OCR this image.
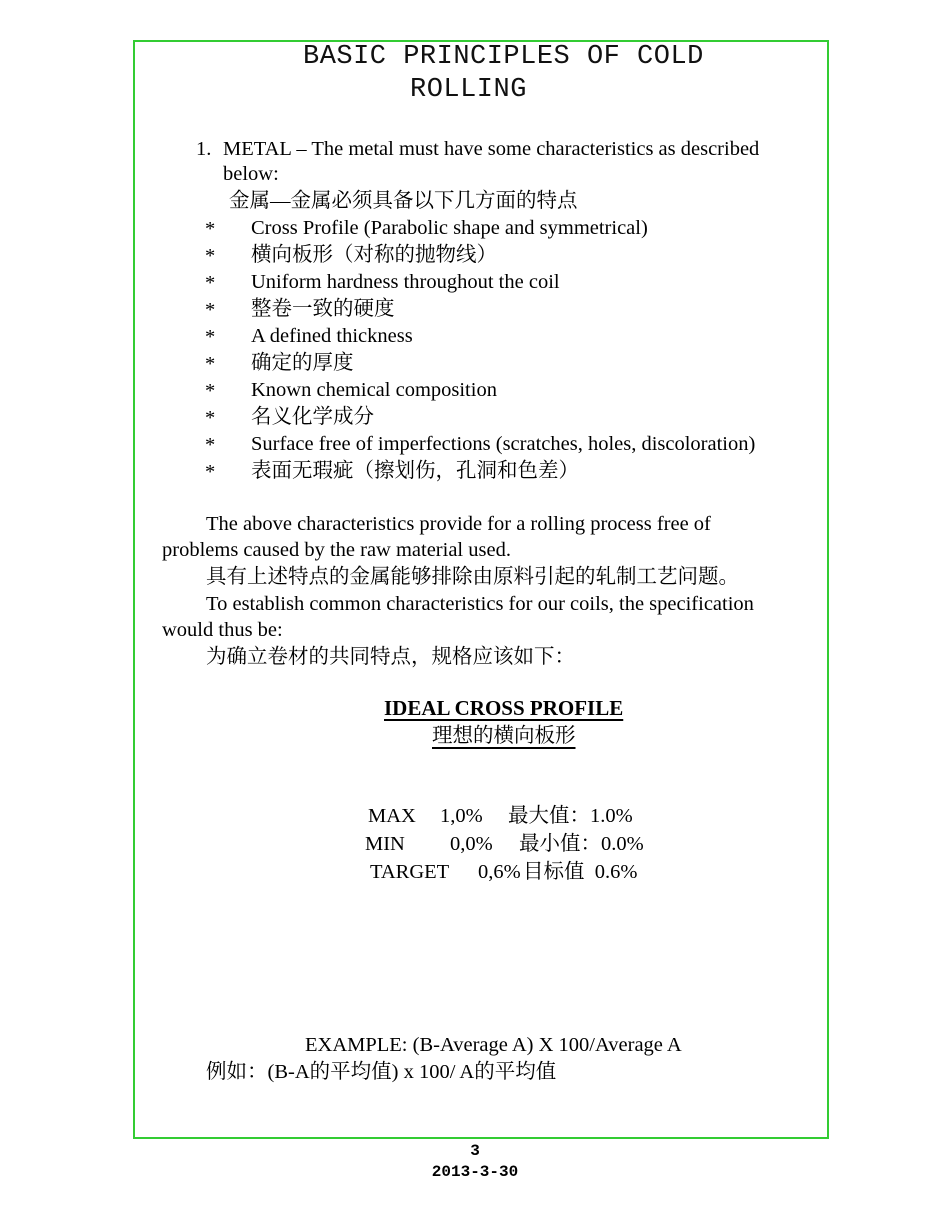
BASIC PRINCIPLES OF COLD
ROLLING
1. METAL – The metal must have some characteristics as described
below:
金属—金属必须具备以下几方面的特点
* Cross Profile (Parabolic shape and symmetrical)
* 横向板形（对称的抛物线）
* Uniform hardness throughout the coil
* 整卷一致的硬度
* A defined thickness
* 确定的厚度
* Known chemical composition
* 名义化学成分
* Surface free of imperfections (scratches, holes, discoloration)
* 表面无瑕疵（擦划伤，孔洞和色差）
The above characteristics provide for a rolling process free of
problems caused by the raw material used.
具有上述特点的金属能够排除由原料引起的轧制工艺问题。
To establish common characteristics for our coils, the specification
would thus be:
为确立卷材的共同特点，规格应该如下：
IDEAL CROSS PROFILE
理想的横向板形
MAX 1,0% 最大值：1.0%
MIN 0,0% 最小值：0.0%
TARGET 0,6% 目标值  0.6%
EXAMPLE: (B-Average A) X 100/Average A
例如：(B-A的平均值) x 100/ A的平均值
3
2013-3-30
